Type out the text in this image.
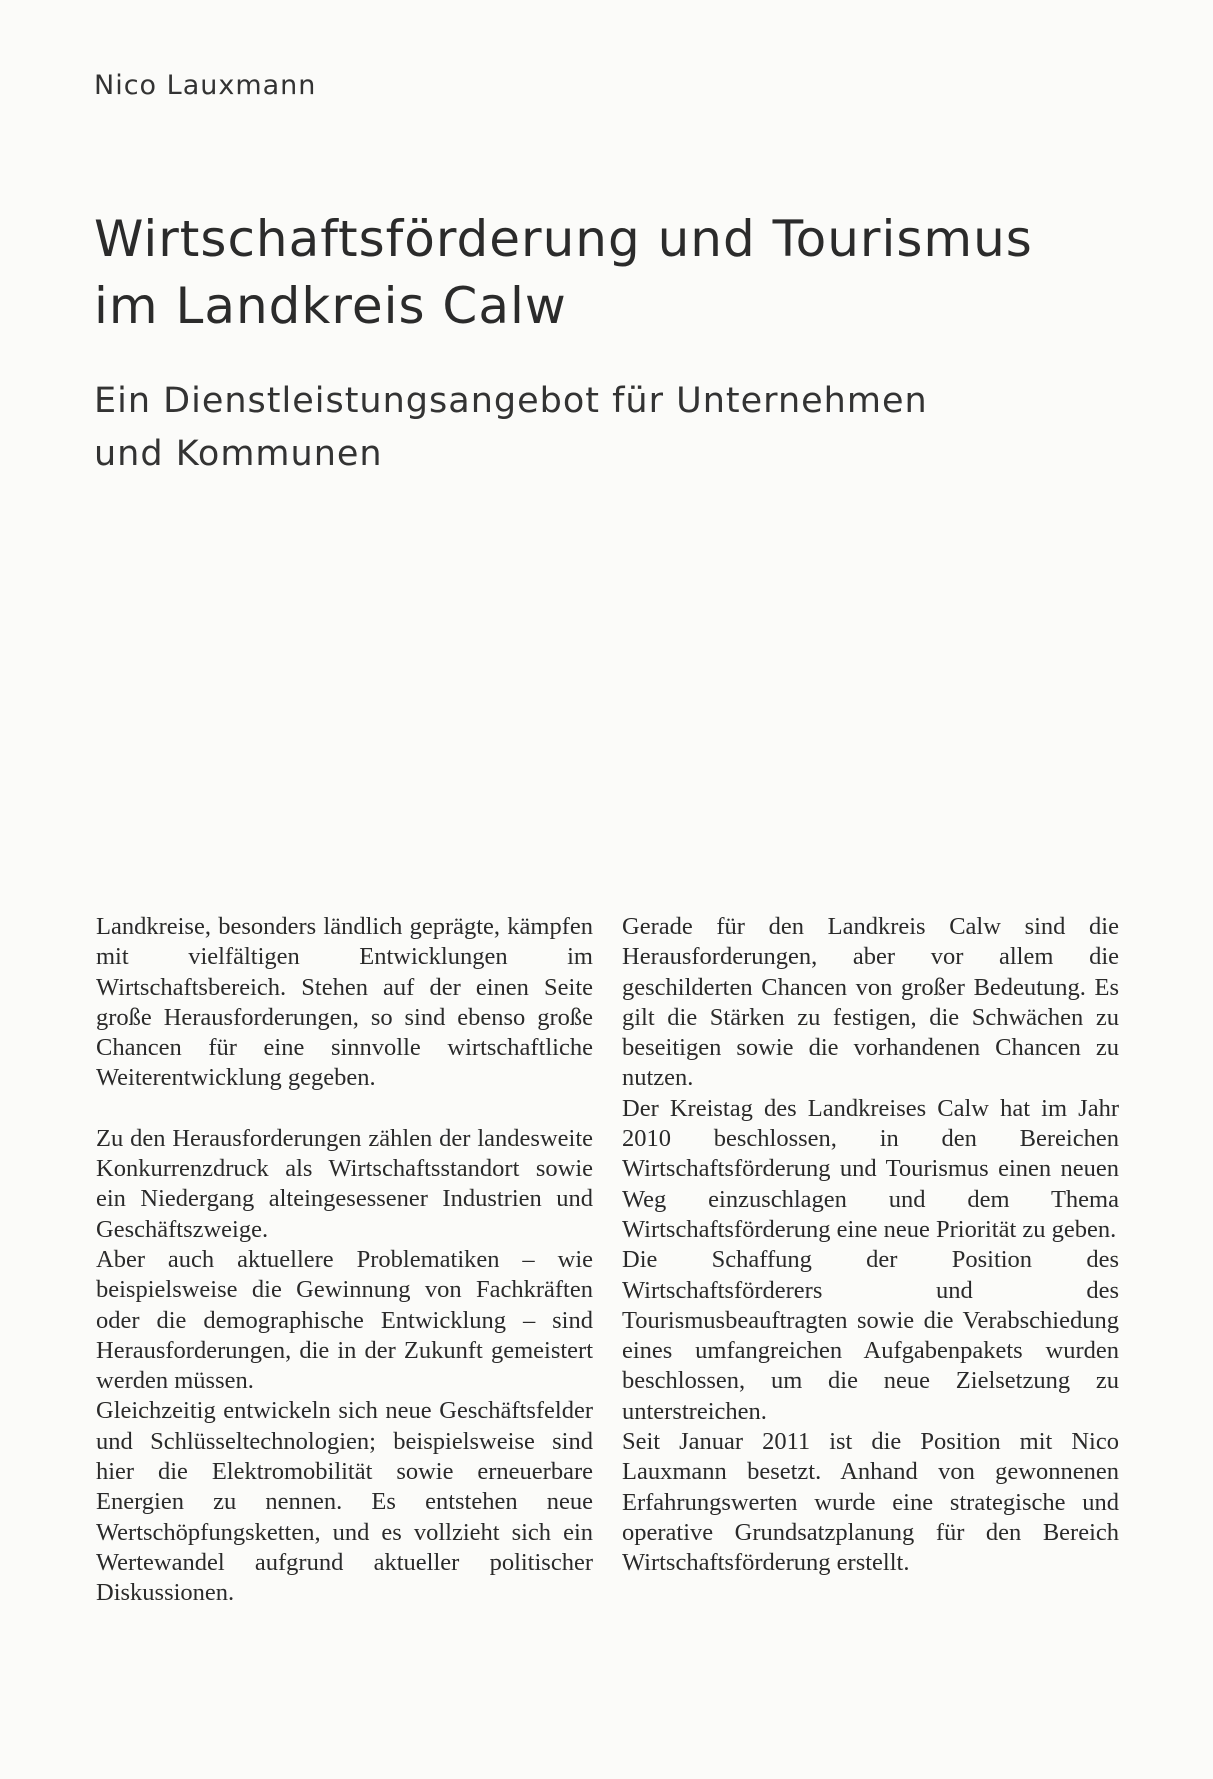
Nico Lauxmann

Wirtschaftsförderung und Tourismus
im Landkreis Calw
Ein Dienstleistungsangebot für Unternehmen
und Kommunen

Landkreise, besonders ländlich geprägte, kämpfen mit vielfältigen Entwicklungen im Wirtschaftsbereich. Stehen auf der einen Seite große Herausforderungen, so sind ebenso große Chancen für eine sinnvolle wirtschaftliche Weiterentwicklung gegeben.

Zu den Herausforderungen zählen der landesweite Konkurrenzdruck als Wirtschaftsstandort sowie ein Niedergang alteingesessener Industrien und Geschäftszweige.

Aber auch aktuellere Problematiken – wie beispielsweise die Gewinnung von Fachkräften oder die demographische Entwicklung – sind Herausforderungen, die in der Zukunft gemeistert werden müssen.

Gleichzeitig entwickeln sich neue Geschäftsfelder und Schlüsseltechnologien; beispielsweise sind hier die Elektromobilität sowie erneuerbare Energien zu nennen. Es entstehen neue Wertschöpfungsketten, und es vollzieht sich ein Wertewandel aufgrund aktueller politischer Diskussionen.

Gerade für den Landkreis Calw sind die Herausforderungen, aber vor allem die geschilderten Chancen von großer Bedeutung. Es gilt die Stärken zu festigen, die Schwächen zu beseitigen sowie die vorhandenen Chancen zu nutzen.

Der Kreistag des Landkreises Calw hat im Jahr 2010 beschlossen, in den Bereichen Wirtschaftsförderung und Tourismus einen neuen Weg einzuschlagen und dem Thema Wirtschaftsförderung eine neue Priorität zu geben.

Die Schaffung der Position des Wirtschaftsförderers und des Tourismusbeauftragten sowie die Verabschiedung eines umfangreichen Aufgabenpakets wurden beschlossen, um die neue Zielsetzung zu unterstreichen.

Seit Januar 2011 ist die Position mit Nico Lauxmann besetzt. Anhand von gewonnenen Erfahrungswerten wurde eine strategische und operative Grundsatzplanung für den Bereich Wirtschaftsförderung erstellt.
